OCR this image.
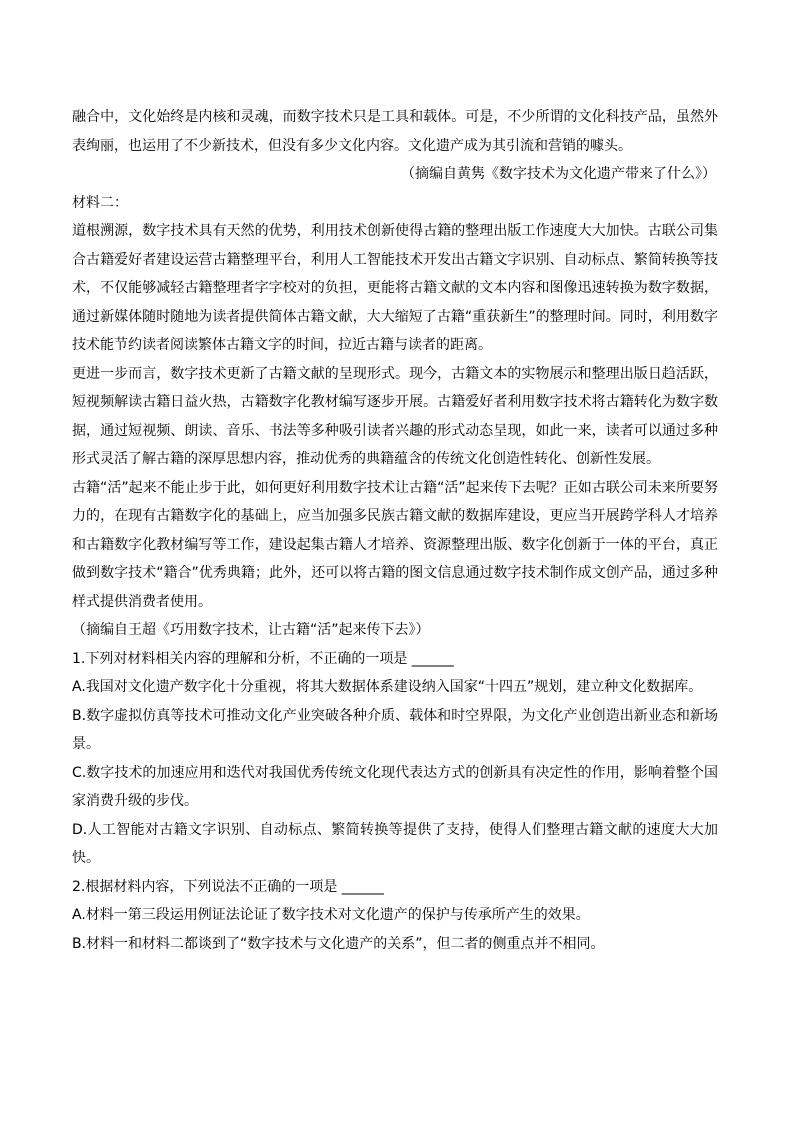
融合中，文化始终是内核和灵魂，而数字技术只是工具和载体。可是，不少所谓的文化科技产品，虽然外表绚丽，也运用了不少新技术，但没有多少文化内容。文化遗产成为其引流和营销的噱头。

（摘编自黄隽《数字技术为文化遗产带来了什么》）

材料二：

道根溯源，数字技术具有天然的优势，利用技术创新使得古籍的整理出版工作速度大大加快。古联公司集合古籍爱好者建设运营古籍整理平台，利用人工智能技术开发出古籍文字识别、自动标点、繁简转换等技术，不仅能够减轻古籍整理者字字校对的负担，更能将古籍文献的文本内容和图像迅速转换为数字数据，通过新媒体随时随地为读者提供简体古籍文献，大大缩短了古籍“重获新生”的整理时间。同时，利用数字技术能节约读者阅读繁体古籍文字的时间，拉近古籍与读者的距离。

更进一步而言，数字技术更新了古籍文献的呈现形式。现今，古籍文本的实物展示和整理出版日趋活跃，短视频解读古籍日益火热，古籍数字化教材编写逐步开展。古籍爱好者利用数字技术将古籍转化为数字数据，通过短视频、朗读、音乐、书法等多种吸引读者兴趣的形式动态呈现，如此一来，读者可以通过多种形式灵活了解古籍的深厚思想内容，推动优秀的典籍蕴含的传统文化创造性转化、创新性发展。

古籍“活”起来不能止步于此，如何更好利用数字技术让古籍“活”起来传下去呢？正如古联公司未来所要努力的，在现有古籍数字化的基础上，应当加强多民族古籍文献的数据库建设，更应当开展跨学科人才培养和古籍数字化教材编写等工作，建设起集古籍人才培养、资源整理出版、数字化创新于一体的平台，真正做到数字技术“籍合”优秀典籍；此外，还可以将古籍的图文信息通过数字技术制作成文创产品，通过多种样式提供消费者使用。

（摘编自王超《巧用数字技术，让古籍“活”起来传下去》）

1.下列对材料相关内容的理解和分析，不正确的一项是 ______

A.我国对文化遗产数字化十分重视，将其大数据体系建设纳入国家“十四五”规划，建立种文化数据库。

B.数字虚拟仿真等技术可推动文化产业突破各种介质、载体和时空界限，为文化产业创造出新业态和新场景。

C.数字技术的加速应用和迭代对我国优秀传统文化现代表达方式的创新具有决定性的作用，影响着整个国家消费升级的步伐。

D.人工智能对古籍文字识别、自动标点、繁简转换等提供了支持，使得人们整理古籍文献的速度大大加快。

2.根据材料内容，下列说法不正确的一项是 ______

A.材料一第三段运用例证法论证了数字技术对文化遗产的保护与传承所产生的效果。

B.材料一和材料二都谈到了“数字技术与文化遗产的关系”，但二者的侧重点并不相同。
